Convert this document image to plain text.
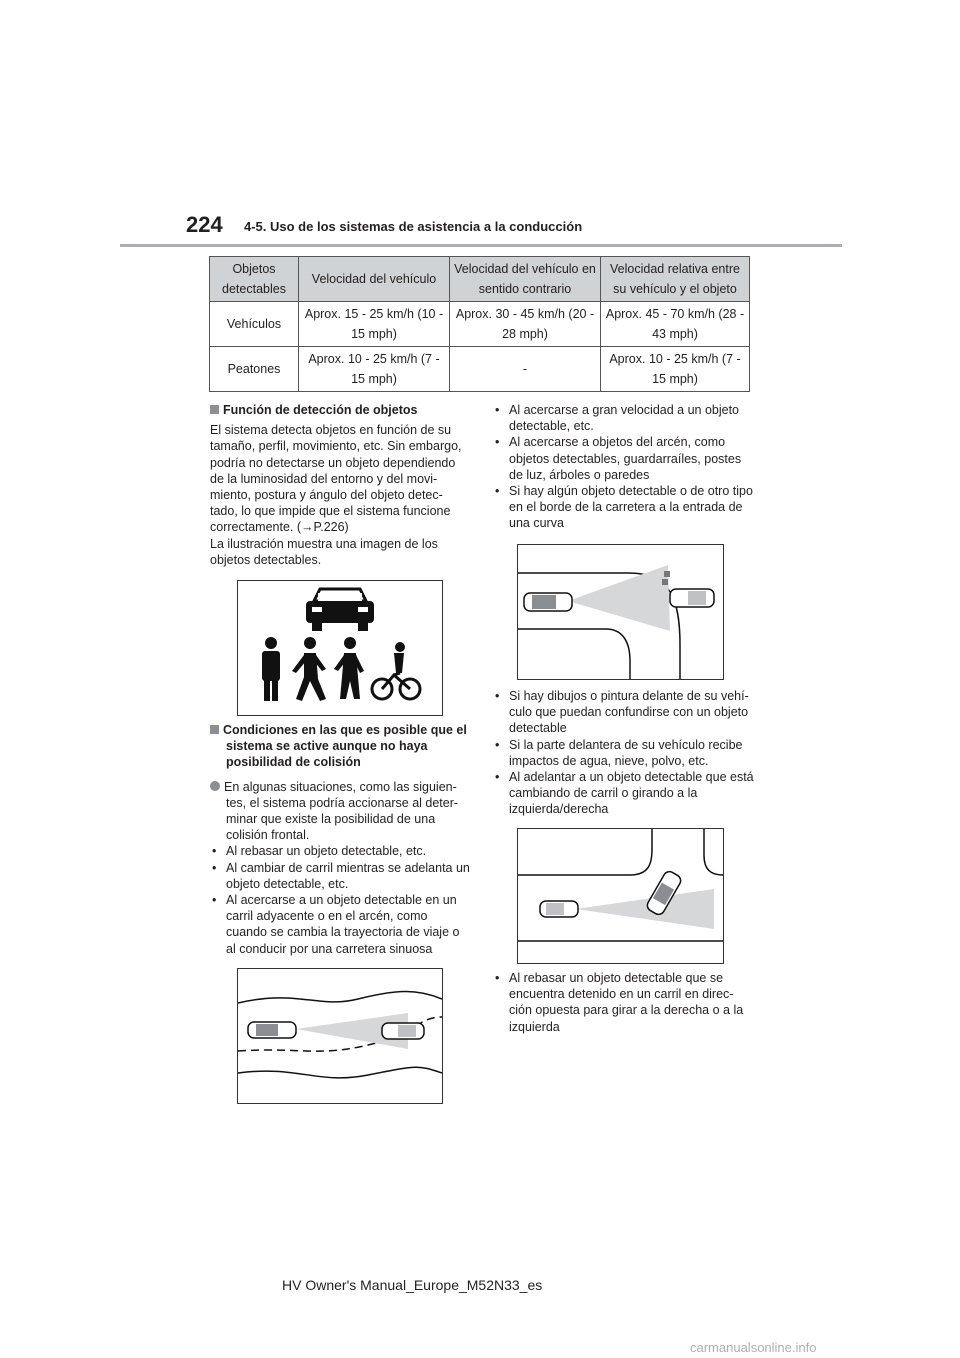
224 4-5. Uso de los sistemas de asistencia a la conducción
Objetos detectables	Velocidad del vehículo	Velocidad del vehículo en sentido contrario	Velocidad relativa entre su vehículo y el objeto
Vehículos	Aprox. 15 - 25 km/h (10 - 15 mph)	Aprox. 30 - 45 km/h (20 - 28 mph)	Aprox. 45 - 70 km/h (28 - 43 mph)
Peatones	Aprox. 10 - 25 km/h (7 - 15 mph)	-	Aprox. 10 - 25 km/h (7 - 15 mph)
Función de detección de objetos
El sistema detecta objetos en función de su tamaño, perfil, movimiento, etc. Sin embargo, podría no detectarse un objeto dependiendo de la luminosidad del entorno y del movi-miento, postura y ángulo del objeto detec-tado, lo que impide que el sistema funcione correctamente. (→P.226)
La ilustración muestra una imagen de los objetos detectables.
Condiciones en las que es posible que el sistema se active aunque no haya posibilidad de colisión
En algunas situaciones, como las siguien-tes, el sistema podría accionarse al deter-minar que existe la posibilidad de una colisión frontal.
• Al rebasar un objeto detectable, etc.
• Al cambiar de carril mientras se adelanta un objeto detectable, etc.
• Al acercarse a un objeto detectable en un carril adyacente o en el arcén, como cuando se cambia la trayectoria de viaje o al conducir por una carretera sinuosa
• Al acercarse a gran velocidad a un objeto detectable, etc.
• Al acercarse a objetos del arcén, como objetos detectables, guardarraíles, postes de luz, árboles o paredes
• Si hay algún objeto detectable o de otro tipo en el borde de la carretera a la entrada de una curva
• Si hay dibujos o pintura delante de su vehí-culo que puedan confundirse con un objeto detectable
• Si la parte delantera de su vehículo recibe impactos de agua, nieve, polvo, etc.
• Al adelantar a un objeto detectable que está cambiando de carril o girando a la izquierda/derecha
• Al rebasar un objeto detectable que se encuentra detenido en un carril en direc-ción opuesta para girar a la derecha o a la izquierda
HV Owner's Manual_Europe_M52N33_es
carmanualsonline.info
